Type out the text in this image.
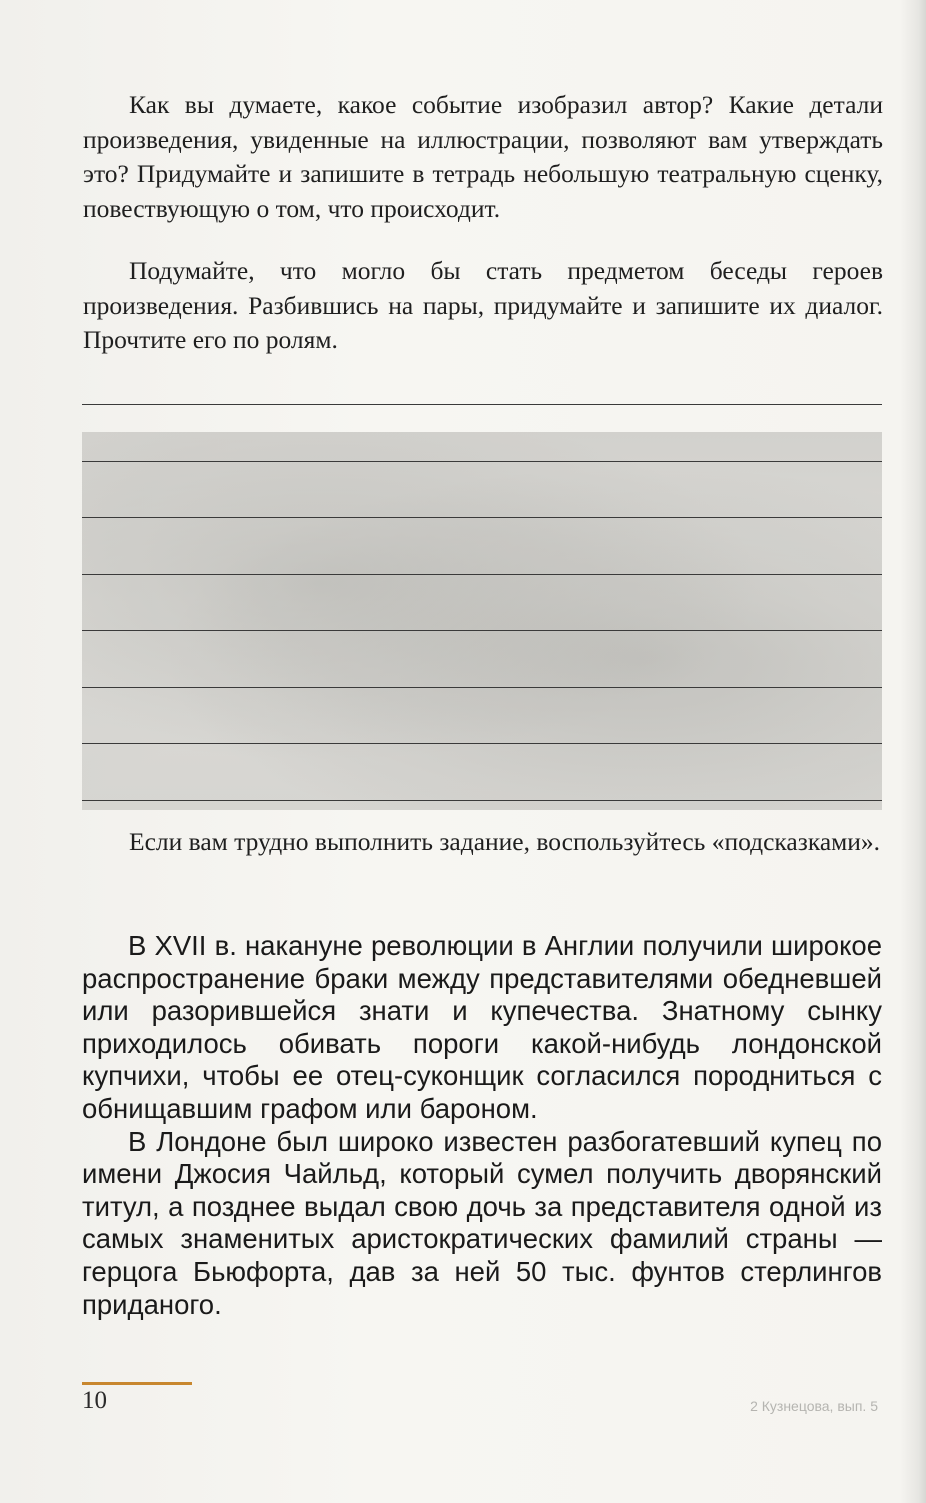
Как вы думаете, какое событие изобразил автор? Какие детали произведения, увиденные на иллюстрации, позволяют вам утверждать это? Придумайте и запишите в тетрадь небольшую театральную сценку, повествующую о том, что происходит.

Подумайте, что могло бы стать предметом беседы героев произведения. Разбившись на пары, придумайте и запишите их диалог. Прочтите его по ролям.

Если вам трудно выполнить задание, воспользуйтесь «подсказками».

В XVII в. накануне революции в Англии получили широкое распространение браки между представителями обедневшей или разорившейся знати и купечества. Знатному сынку приходилось обивать пороги какой-нибудь лондонской купчихи, чтобы ее отец-суконщик согласился породниться с обнищавшим графом или бароном.

В Лондоне был широко известен разбогатевший купец по имени Джосия Чайльд, который сумел получить дворянский титул, а позднее выдал свою дочь за представителя одной из самых знаменитых аристократических фамилий страны — герцога Бьюфорта, дав за ней 50 тыс. фунтов стерлингов приданого.

10	2 Кузнецова, вып. 5
